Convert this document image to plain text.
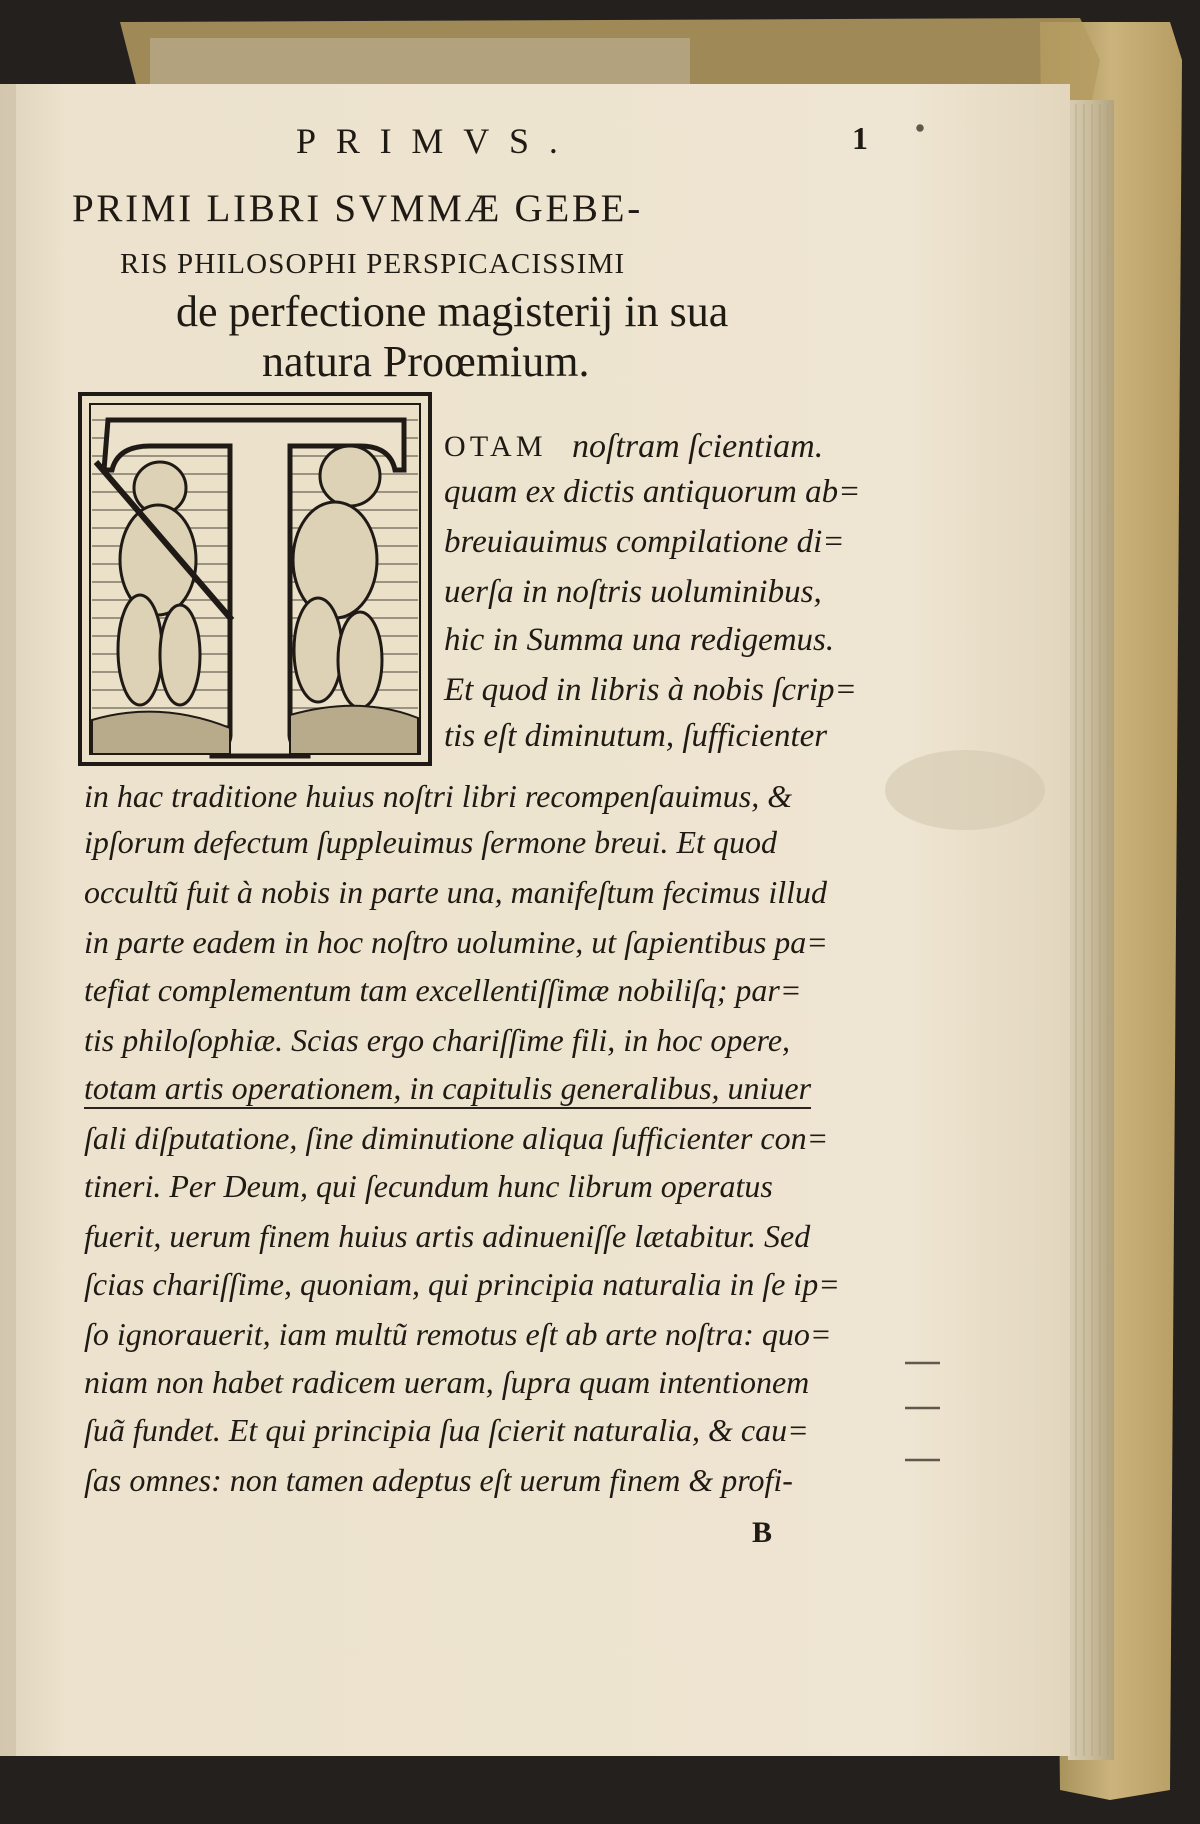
PRIMVS.	1
PRIMI LIBRI SVMMÆ GEBE-
RIS PHILOSOPHI PERSPICACISSIMI
de perfectione magisterij in sua
natura Proœmium.
OTAM noſtram ſcientiam.
quam ex dictis antiquorum ab=
breuiauimus compilatione di=
uerſa in noſtris uoluminibus,
hic in Summa una redigemus.
Et quod in libris à nobis ſcrip=
tis eſt diminutum, ſufficienter
in hac traditione huius noſtri libri recompenſauimus, &
ipſorum defectum ſuppleuimus ſermone breui. Et quod
occultũ fuit à nobis in parte una, manifeſtum fecimus illud
in parte eadem in hoc noſtro uolumine, ut ſapientibus pa=
tefiat complementum tam excellentiſſimæ nobiliſq; par=
tis philoſophiæ. Scias ergo chariſſime fili, in hoc opere,
totam artis operationem, in capitulis generalibus, uniuer
ſali diſputatione, ſine diminutione aliqua ſufficienter con=
tineri. Per Deum, qui ſecundum hunc librum operatus
fuerit, uerum finem huius artis adinueniſſe lætabitur. Sed
ſcias chariſſime, quoniam, qui principia naturalia in ſe ip=
ſo ignorauerit, iam multũ remotus eſt ab arte noſtra: quo=
niam non habet radicem ueram, ſupra quam intentionem
ſuã fundet. Et qui principia ſua ſcierit naturalia, & cau=
ſas omnes: non tamen adeptus eſt uerum finem & profi-
B
